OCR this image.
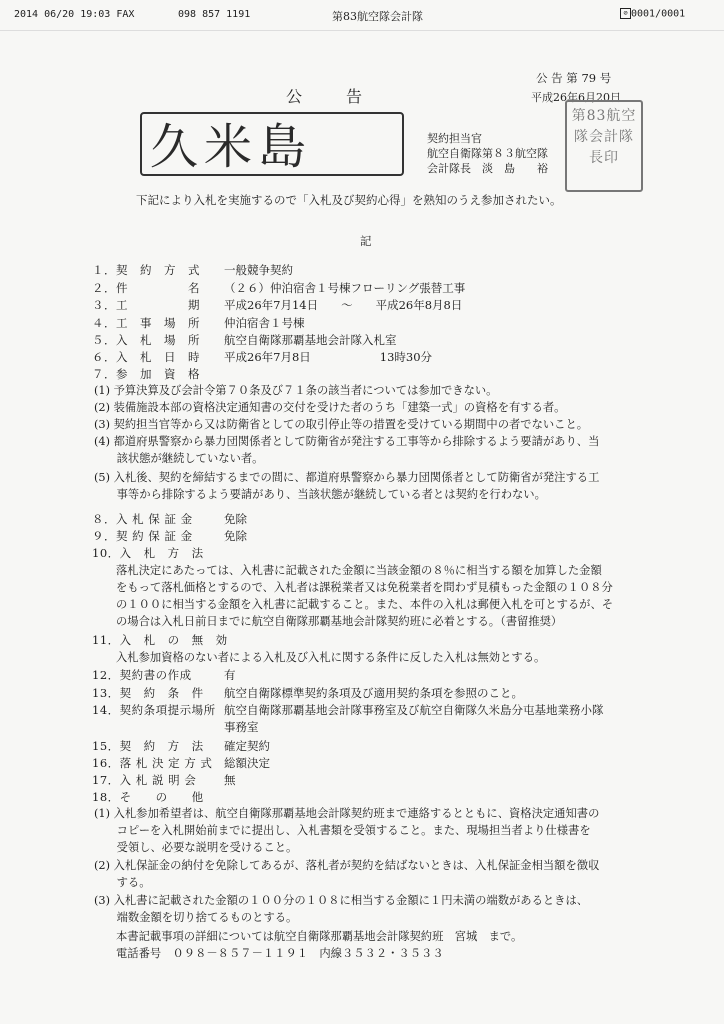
2014 06/20 19:03 FAX	098 857 1191	第83航空隊会計隊	⊘ 0001/0001
公 告 第 79 号
公　　告	平成26年6月20日
久米島	契約担当官
航空自衛隊第８３航空隊
会計隊長　淡　島　　裕
第83航空隊会計隊長印
下記により入札を実施するので「入札及び契約心得」を熟知のうえ参加されたい。
記
１．契　約　方　式 一般競争契約
２．件　　　　　名 （２６）仲泊宿舎１号棟フローリング張替工事
３．工　　　　　期 平成26年7月14日　　～　　平成26年8月8日
４．工　事　場　所 仲泊宿舎１号棟
５．入　札　場　所 航空自衛隊那覇基地会計隊入札室
６．入　札　日　時 平成26年7月8日　　　　　　13時30分
７．参　加　資　格
(1) 予算決算及び会計令第７０条及び７１条の該当者については参加できない。
(2) 装備施設本部の資格決定通知書の交付を受けた者のうち「建築一式」の資格を有する者。
(3) 契約担当官等から又は防衛省としての取引停止等の措置を受けている期間中の者でないこと。
(4) 都道府県警察から暴力団関係者として防衛省が発注する工事等から排除するよう要請があり、当
　　該状態が継続していない者。
(5) 入札後、契約を締結するまでの間に、都道府県警察から暴力団関係者として防衛省が発注する工
　　事等から排除するよう要請があり、当該状態が継続している者とは契約を行わない。
８．入 札 保 証 金	免除
９．契 約 保 証 金	免除
10．入　札　方　法
落札決定にあたっては、入札書に記載された金額に当該金額の８％に相当する額を加算した金額
をもって落札価格とするので、入札者は課税業者又は免税業者を問わず見積もった金額の１０８分
の１００に相当する金額を入札書に記載すること。また、本件の入札は郵便入札を可とするが、そ
の場合は入札日前日までに航空自衛隊那覇基地会計隊契約班に必着とする。（書留推奨）
11．入　札　の　無　効
入札参加資格のない者による入札及び入札に関する条件に反した入札は無効とする。
12．契約書の作成	有
13．契　約　条　件 航空自衛隊標準契約条項及び適用契約条項を参照のこと。
14．契約条項提示場所 航空自衛隊那覇基地会計隊事務室及び航空自衛隊久米島分屯基地業務小隊
事務室
15．契　約　方　法 確定契約
16．落 札 決 定 方 式 総額決定
17．入 札 説 明 会 無
18．そ　　の　　他
(1) 入札参加希望者は、航空自衛隊那覇基地会計隊契約班まで連絡するとともに、資格決定通知書の
　　コピーを入札開始前までに提出し、入札書類を受領すること。また、現場担当者より仕様書を
　　受領し、必要な説明を受けること。
(2) 入札保証金の納付を免除してあるが、落札者が契約を結ばないときは、入札保証金相当額を徴収
　　する。
(3) 入札書に記載された金額の１００分の１０８に相当する金額に１円未満の端数があるときは、
　　端数金額を切り捨てるものとする。
本書記載事項の詳細については航空自衛隊那覇基地会計隊契約班　宮城　まで。
電話番号　０９８－８５７－１１９１　内線３５３２・３５３３
